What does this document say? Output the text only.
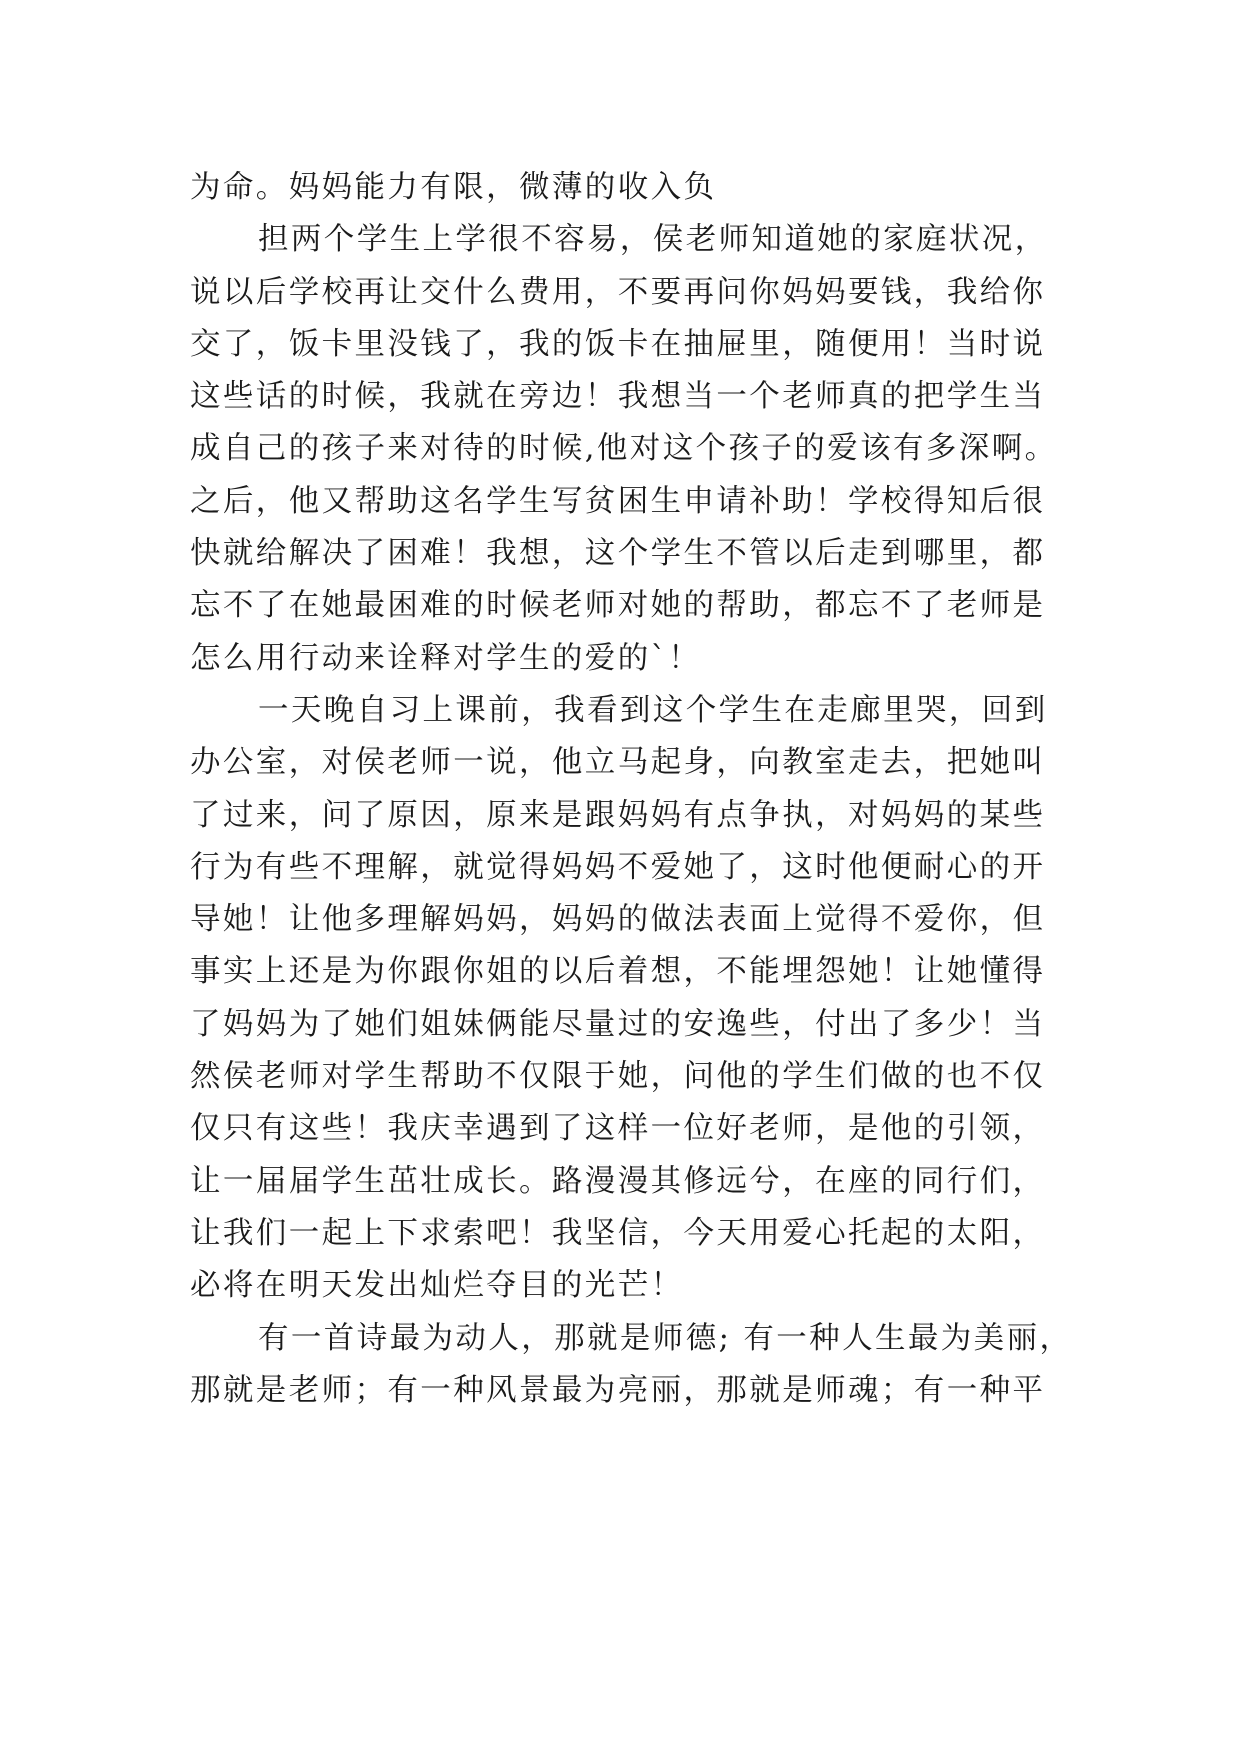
为命。妈妈能力有限，微薄的收入负
担两个学生上学很不容易，侯老师知道她的家庭状况，
说以后学校再让交什么费用，不要再问你妈妈要钱，我给你
交了，饭卡里没钱了，我的饭卡在抽屉里，随便用！当时说
这些话的时候，我就在旁边！我想当一个老师真的把学生当
成自己的孩子来对待的时候,他对这个孩子的爱该有多深啊。
之后，他又帮助这名学生写贫困生申请补助！学校得知后很
快就给解决了困难！我想，这个学生不管以后走到哪里，都
忘不了在她最困难的时候老师对她的帮助，都忘不了老师是
怎么用行动来诠释对学生的爱的`！
一天晚自习上课前，我看到这个学生在走廊里哭，回到
办公室，对侯老师一说，他立马起身，向教室走去，把她叫
了过来，问了原因，原来是跟妈妈有点争执，对妈妈的某些
行为有些不理解，就觉得妈妈不爱她了，这时他便耐心的开
导她！让他多理解妈妈，妈妈的做法表面上觉得不爱你，但
事实上还是为你跟你姐的以后着想，不能埋怨她！让她懂得
了妈妈为了她们姐妹俩能尽量过的安逸些，付出了多少！当
然侯老师对学生帮助不仅限于她，问他的学生们做的也不仅
仅只有这些！我庆幸遇到了这样一位好老师，是他的引领，
让一届届学生茁壮成长。路漫漫其修远兮，在座的同行们，
让我们一起上下求索吧！我坚信，今天用爱心托起的太阳，
必将在明天发出灿烂夺目的光芒！
有一首诗最为动人，那就是师德; 有一种人生最为美丽，
那就是老师；有一种风景最为亮丽，那就是师魂；有一种平
